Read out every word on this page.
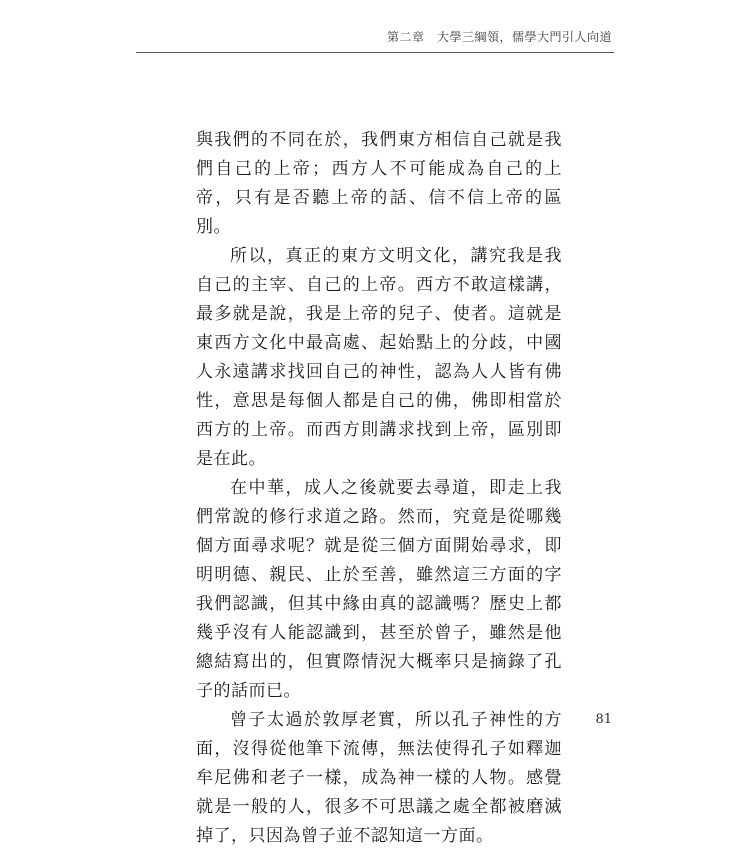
第二章　大學三綱領，儒學大門引人向道

與我們的不同在於，我們東方相信自己就是我們自己的上帝；西方人不可能成為自己的上帝，只有是否聽上帝的話、信不信上帝的區別。

所以，真正的東方文明文化，講究我是我自己的主宰、自己的上帝。西方不敢這樣講，最多就是說，我是上帝的兒子、使者。這就是東西方文化中最高處、起始點上的分歧，中國人永遠講求找回自己的神性，認為人人皆有佛性，意思是每個人都是自己的佛，佛即相當於西方的上帝。而西方則講求找到上帝，區別即是在此。

在中華，成人之後就要去尋道，即走上我們常說的修行求道之路。然而，究竟是從哪幾個方面尋求呢？就是從三個方面開始尋求，即明明德、親民、止於至善，雖然這三方面的字我們認識，但其中緣由真的認識嗎？歷史上都幾乎沒有人能認識到，甚至於曾子，雖然是他總結寫出的，但實際情況大概率只是摘錄了孔子的話而已。

曾子太過於敦厚老實，所以孔子神性的方面，沒得從他筆下流傳，無法使得孔子如釋迦牟尼佛和老子一樣，成為神一樣的人物。感覺就是一般的人，很多不可思議之處全都被磨滅掉了，只因為曾子並不認知這一方面。

81
